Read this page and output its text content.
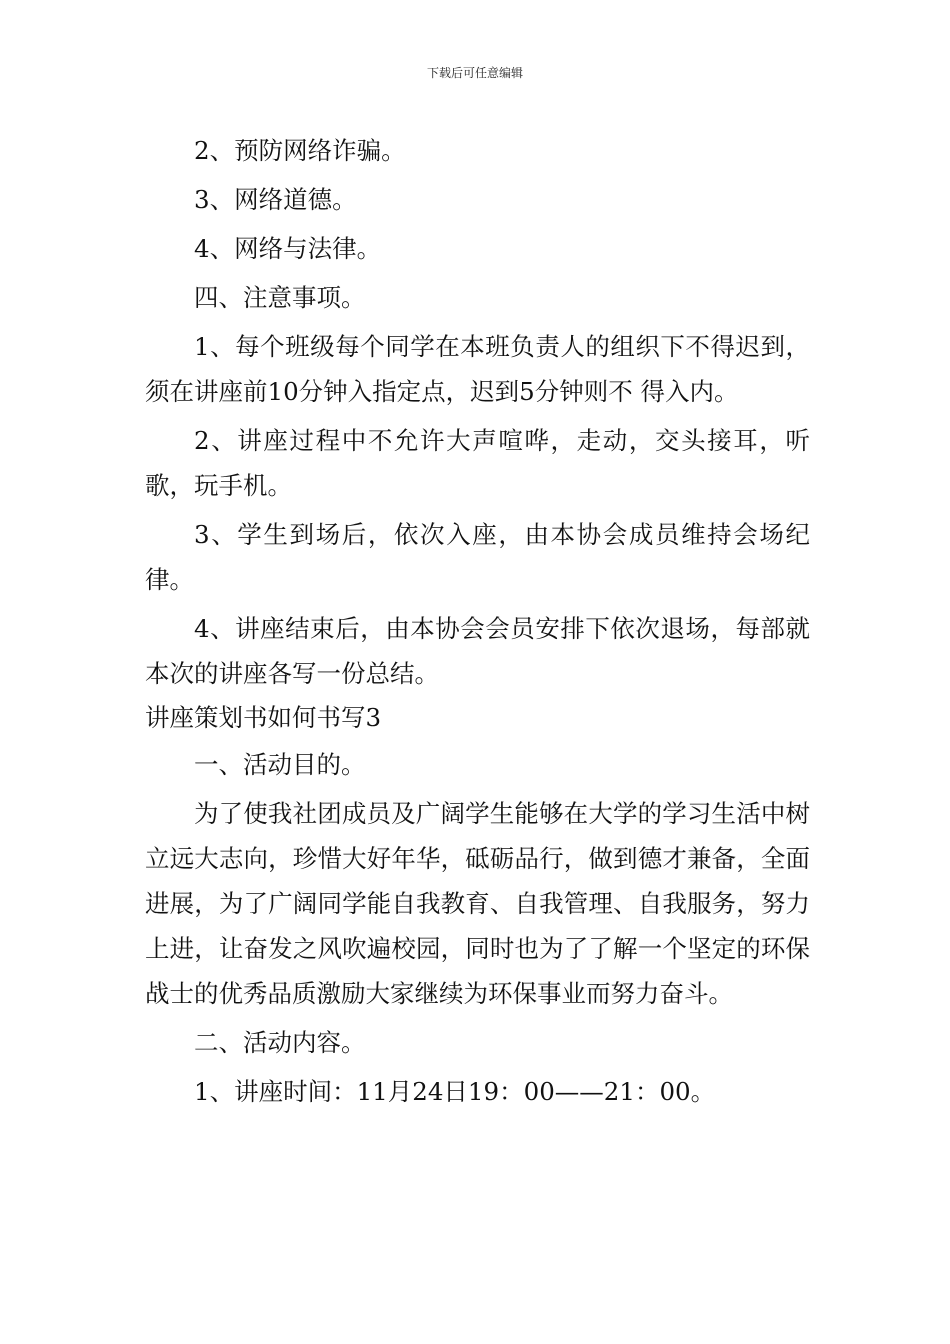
下载后可任意编辑

2、预防网络诈骗。

3、网络道德。

4、网络与法律。

四、注意事项。

1、每个班级每个同学在本班负责人的组织下不得迟到，须在讲座前10分钟入指定点，迟到5分钟则不 得入内。

2、讲座过程中不允许大声喧哗，走动，交头接耳，听歌，玩手机。

3、学生到场后，依次入座，由本协会成员维持会场纪律。

4、讲座结束后，由本协会会员安排下依次退场，每部就本次的讲座各写一份总结。

讲座策划书如何书写3

一、活动目的。

为了使我社团成员及广阔学生能够在大学的学习生活中树立远大志向，珍惜大好年华，砥砺品行，做到德才兼备，全面进展，为了广阔同学能自我教育、自我管理、自我服务，努力上进，让奋发之风吹遍校园，同时也为了了解一个坚定的环保战士的优秀品质激励大家继续为环保事业而努力奋斗。

二、活动内容。

1、讲座时间：11月24日19：00——21：00。
